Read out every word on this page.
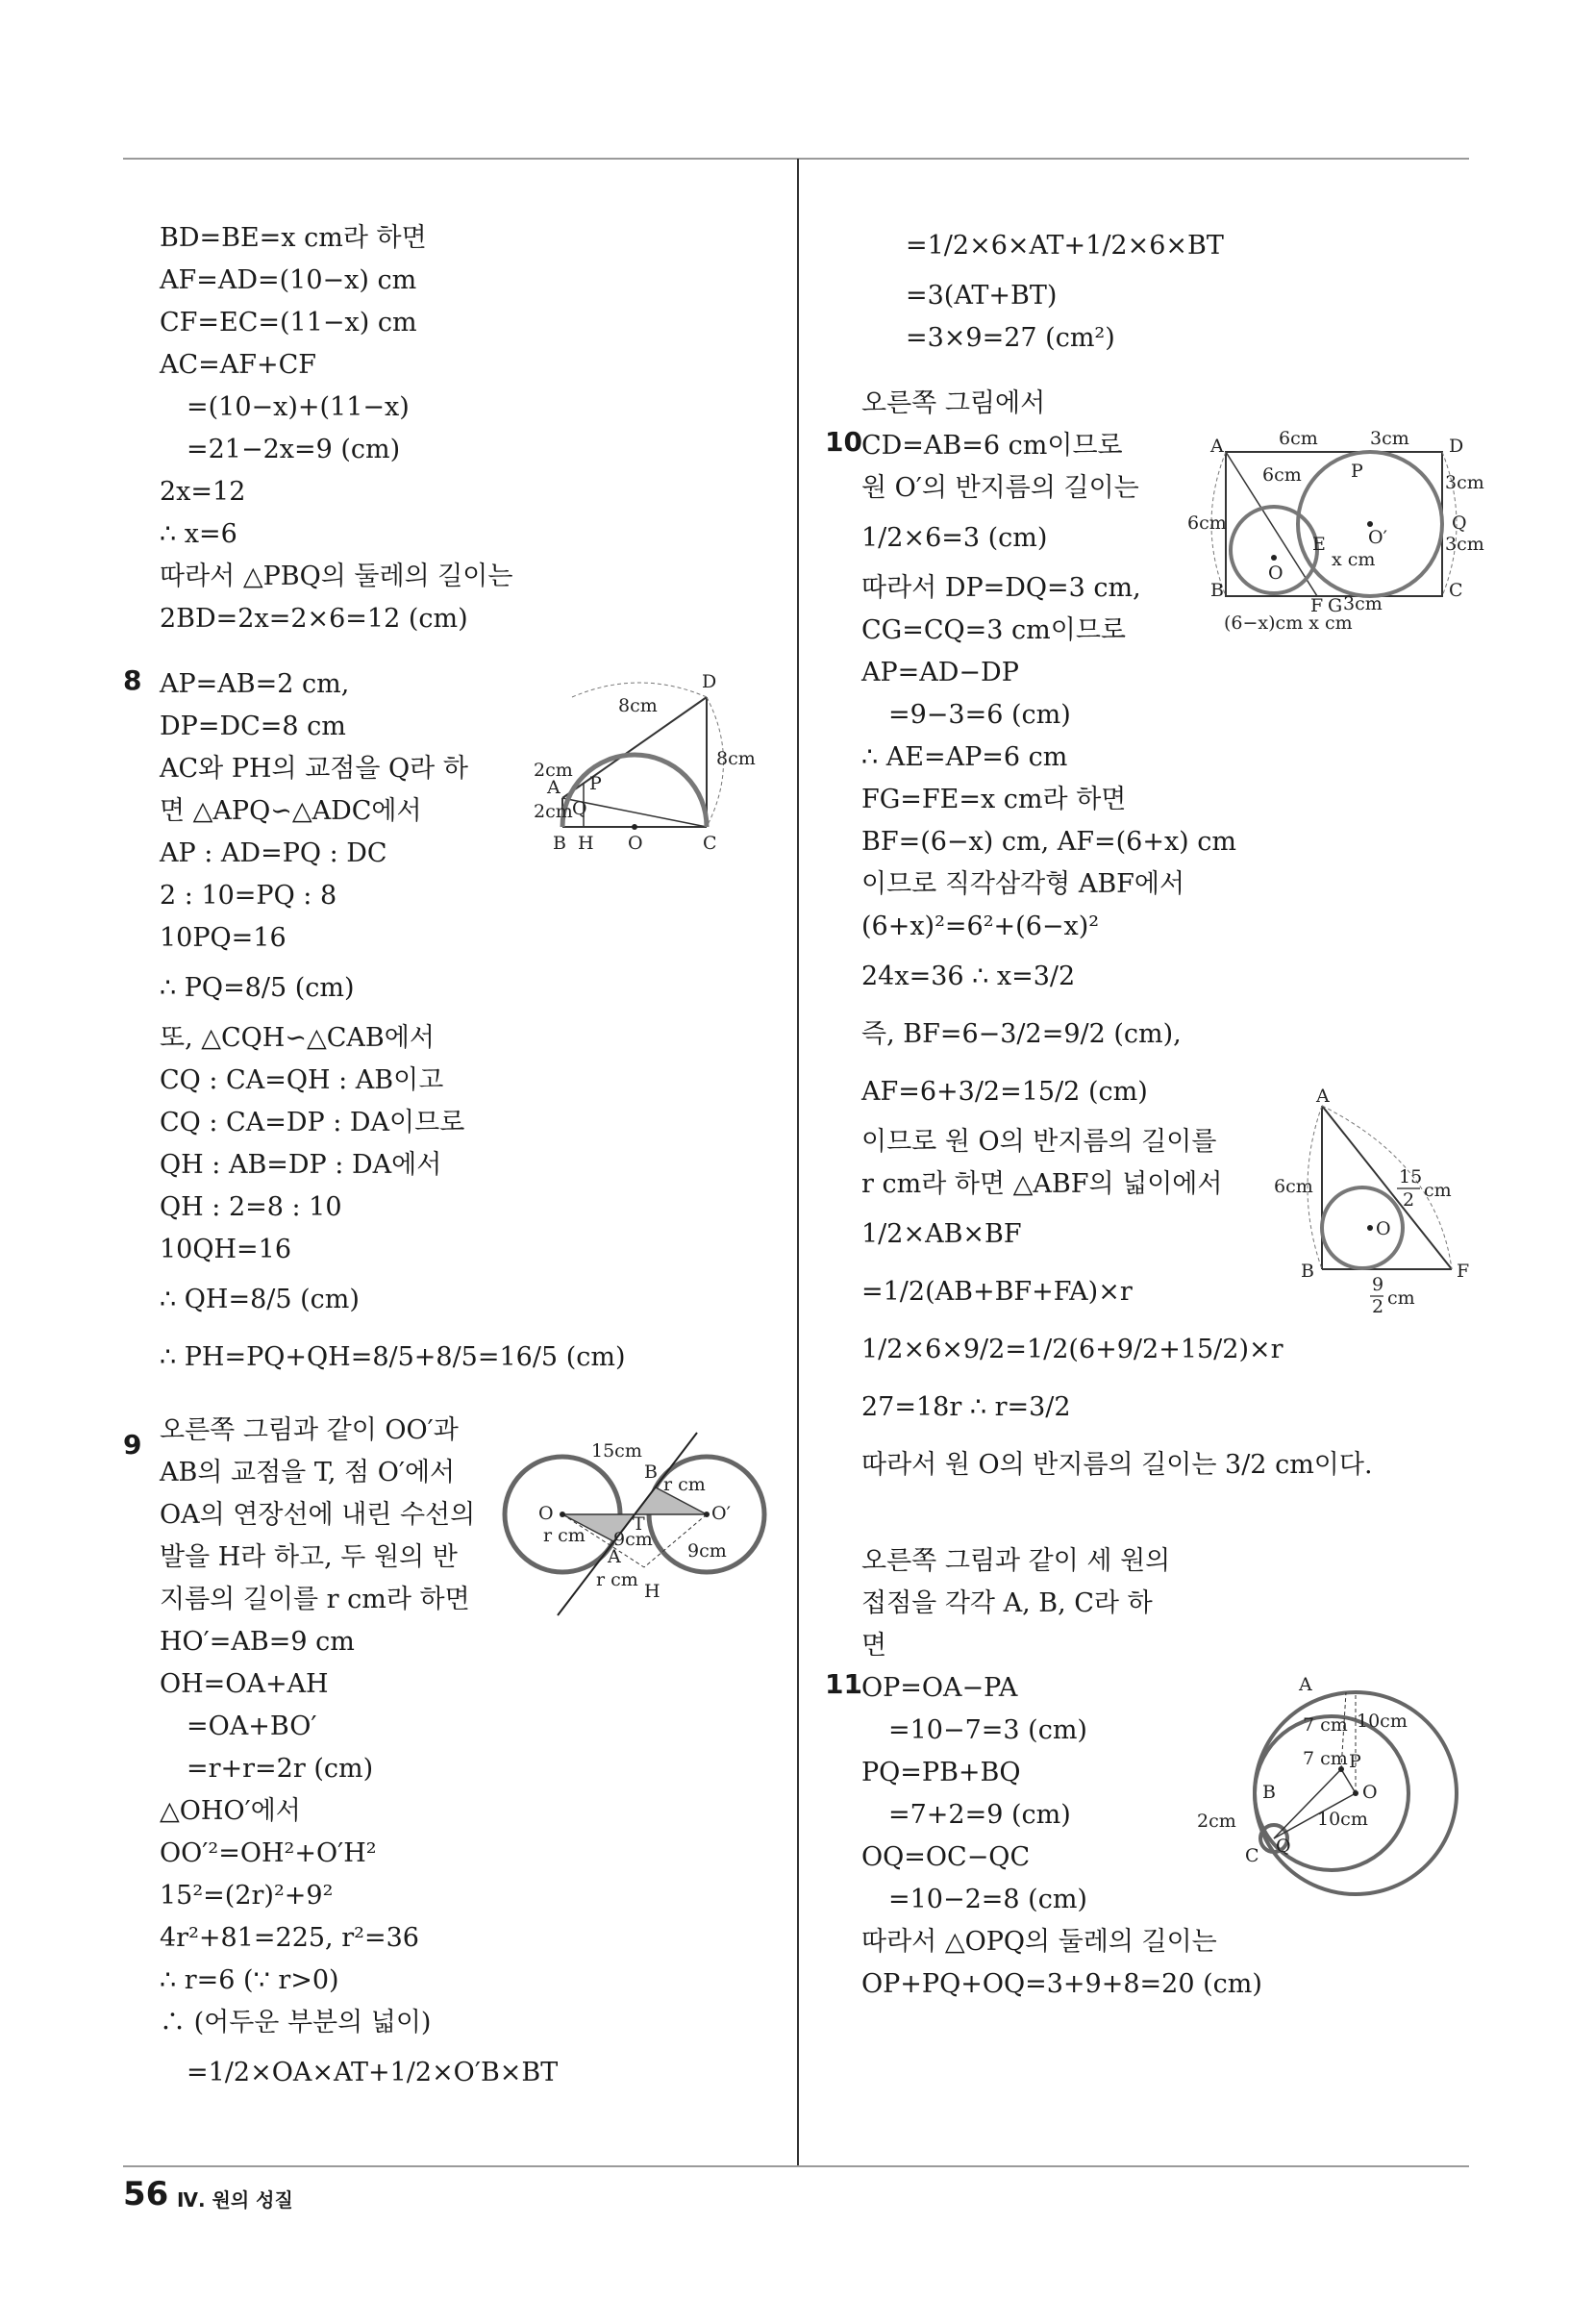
8
9
10
11
BD=BE=x cm라 하면
AF=AD=(10−x) cm
CF=EC=(11−x) cm
AC=AF+CF
=(10−x)+(11−x)
=21−2x=9 (cm)
2x=12
∴ x=6
따라서 △PBQ의 둘레의 길이는
2BD=2x=2×6=12 (cm)
AP=AB=2 cm,
DP=DC=8 cm
AC와 PH의 교점을 Q라 하
면 △APQ∽△ADC에서
AP : AD=PQ : DC
2 : 10=PQ : 8
10PQ=16
∴ PQ=8/5 (cm)
또, △CQH∽△CAB에서
CQ : CA=QH : AB이고
CQ : CA=DP : DA이므로
QH : AB=DP : DA에서
QH : 2=8 : 10
10QH=16
∴ QH=8/5 (cm)
∴ PH=PQ+QH=8/5+8/5=16/5 (cm)
오른쪽 그림과 같이 OO′과
AB의 교점을 T, 점 O′에서
OA의 연장선에 내린 수선의
발을 H라 하고, 두 원의 반
지름의 길이를 r cm라 하면
HO′=AB=9 cm
OH=OA+AH
=OA+BO′
=r+r=2r (cm)
△OHO′에서
OO′²=OH²+O′H²
15²=(2r)²+9²
4r²+81=225, r²=36
∴ r=6 (∵ r>0)
∴ (어두운 부분의 넓이)
=1/2×OA×AT+1/2×O′B×BT
=1/2×6×AT+1/2×6×BT
=3(AT+BT)
=3×9=27 (cm²)
오른쪽 그림에서
CD=AB=6 cm이므로
원 O′의 반지름의 길이는
1/2×6=3 (cm)
따라서 DP=DQ=3 cm,
CG=CQ=3 cm이므로
AP=AD−DP
=9−3=6 (cm)
∴ AE=AP=6 cm
FG=FE=x cm라 하면
BF=(6−x) cm, AF=(6+x) cm
이므로 직각삼각형 ABF에서
(6+x)²=6²+(6−x)²
24x=36 ∴ x=3/2
즉, BF=6−3/2=9/2 (cm),
AF=6+3/2=15/2 (cm)
이므로 원 O의 반지름의 길이를
r cm라 하면 △ABF의 넓이에서
1/2×AB×BF
=1/2(AB+BF+FA)×r
1/2×6×9/2=1/2(6+9/2+15/2)×r
27=18r ∴ r=3/2
따라서 원 O의 반지름의 길이는 3/2 cm이다.
오른쪽 그림과 같이 세 원의
접점을 각각 A, B, C라 하
면
OP=OA−PA
=10−7=3 (cm)
PQ=PB+BQ
=7+2=9 (cm)
OQ=OC−QC
=10−2=8 (cm)
따라서 △OPQ의 둘레의 길이는
OP+PQ+OQ=3+9+8=20 (cm)
D
8cm
8cm
2cm
A P
2cm Q
B H O	C
15cm
B
r cm
O	O′
T
r cm 9cm
A	9cm
r cm
H
A	6cm	3cm D
6cm	P
3cm
6cm
O′
Q
3cm
O
E
x cm
B
F G 3cm
C
(6−x)cm x cm
A
6cm	15
2 cm
O
B	F
9
2 cm
A
7 cm 10cm
7 cm P
B	O
2cm	10cm
C Q
56 Ⅳ. 원의 성질
